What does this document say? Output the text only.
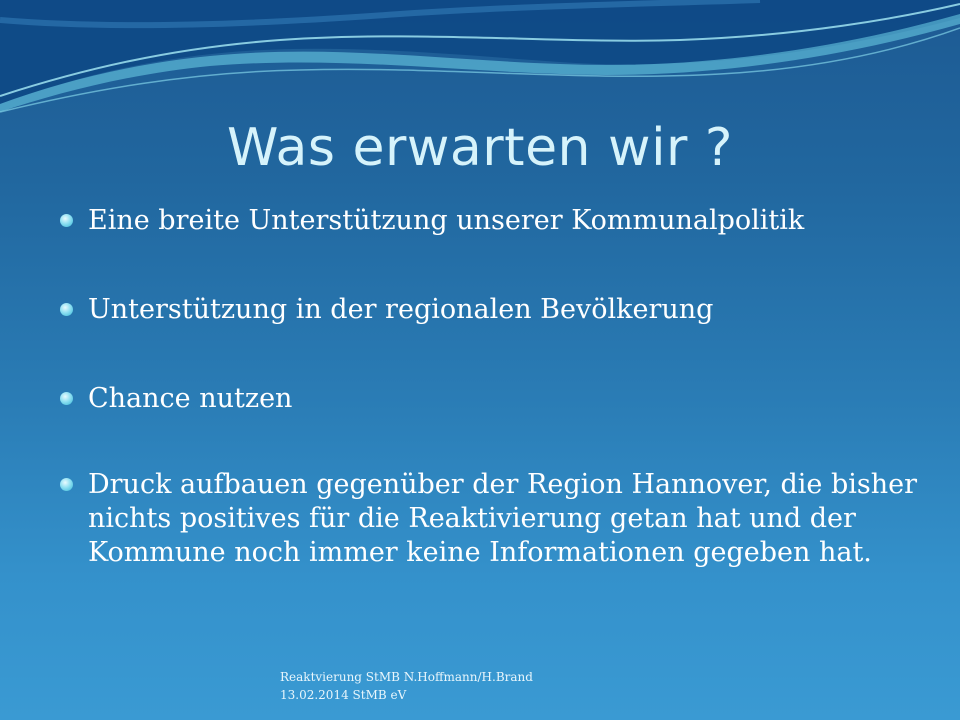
Was erwarten wir ?
Eine breite Unterstützung unserer Kommunalpolitik
Unterstützung in der regionalen Bevölkerung
Chance nutzen
Druck aufbauen gegenüber der Region Hannover, die bisher nichts positives für die Reaktivierung getan hat und der Kommune noch immer keine Informationen gegeben hat.
Reaktvierung StMB N.Hoffmann/H.Brand
13.02.2014 StMB eV
